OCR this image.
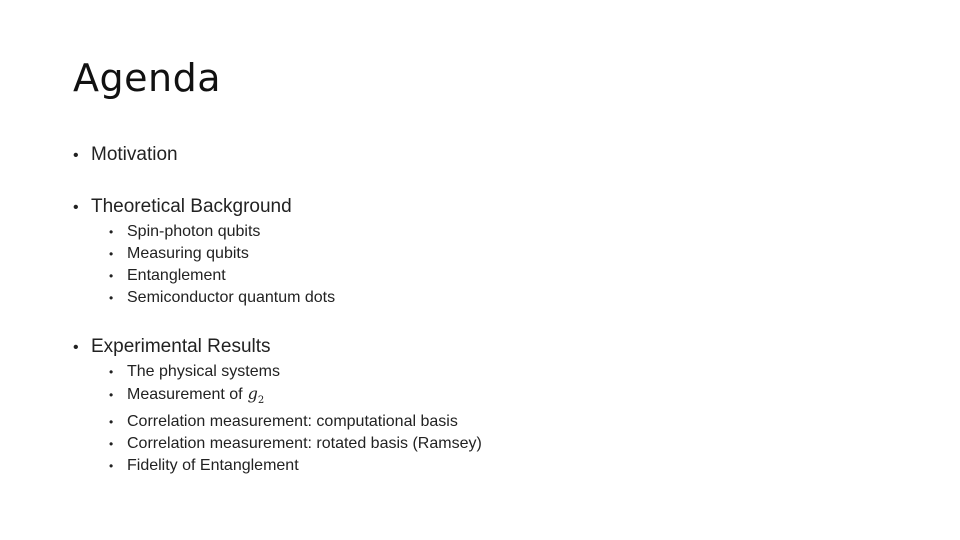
Agenda
• Motivation
• Theoretical Background
• Spin-photon qubits
• Measuring qubits
• Entanglement
• Semiconductor quantum dots
• Experimental Results
• The physical systems
• Measurement of $g_2$
• Correlation measurement: computational basis
• Correlation measurement: rotated basis (Ramsey)
• Fidelity of Entanglement
